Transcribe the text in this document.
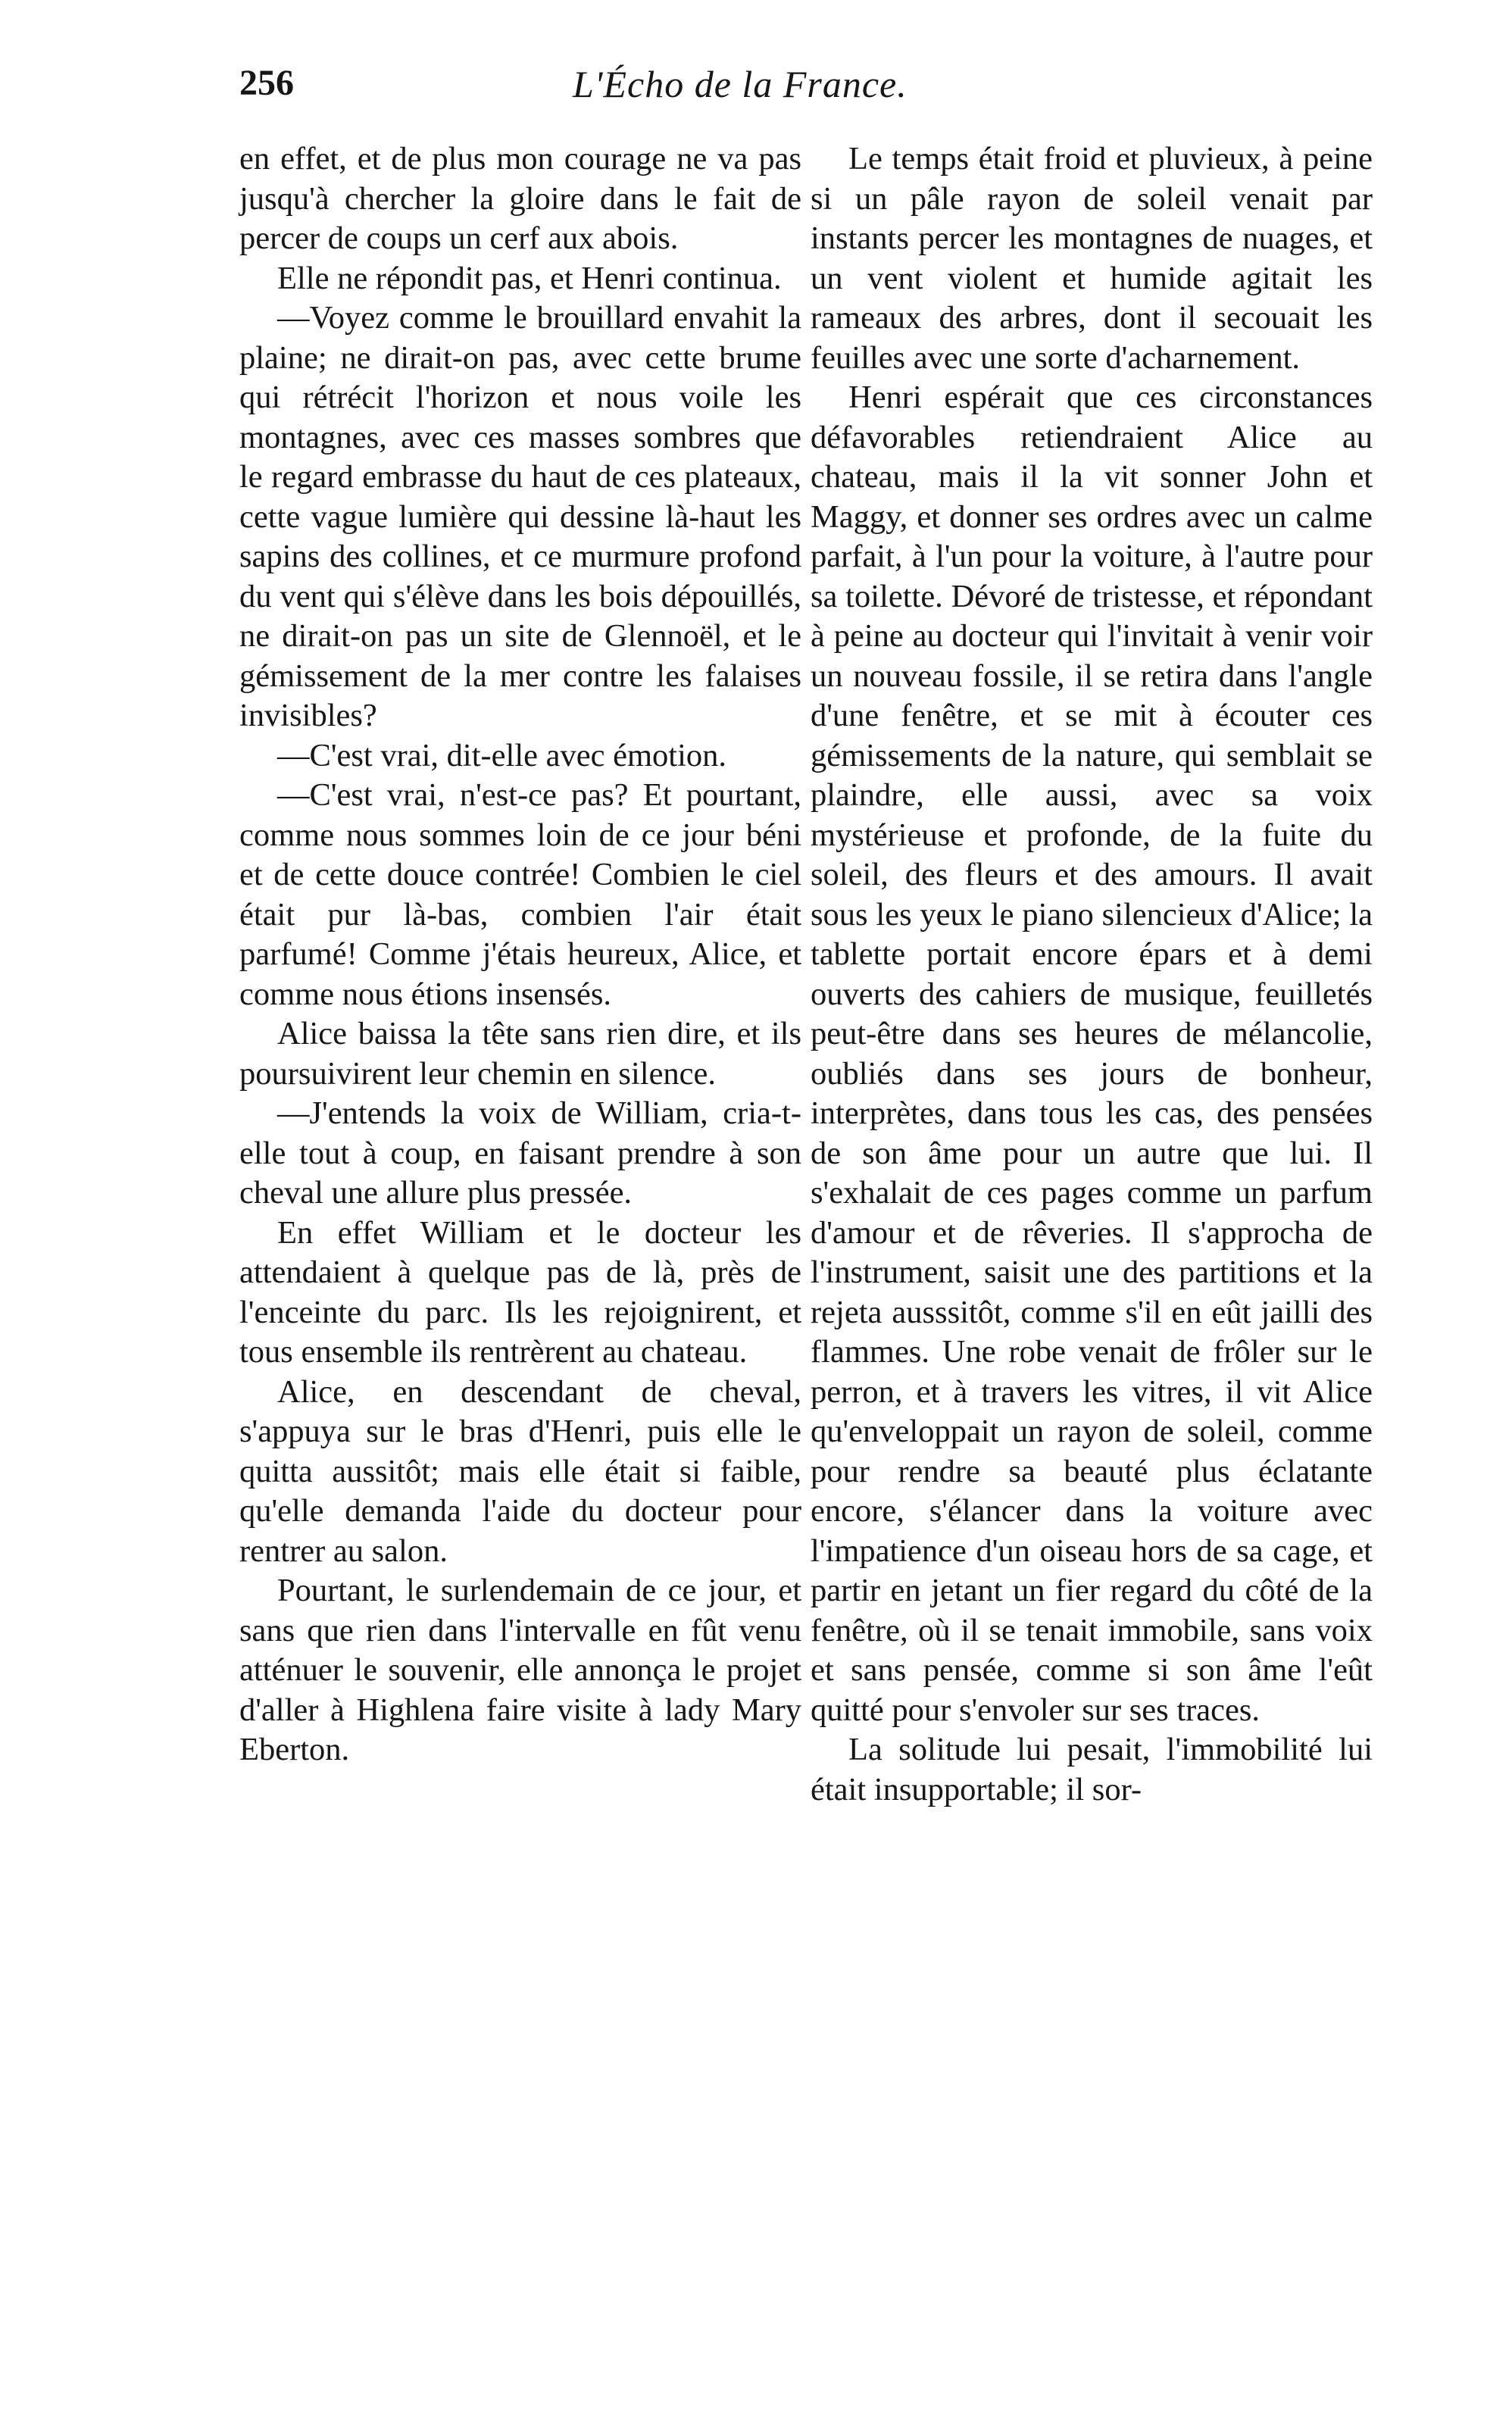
256	L'Écho de la France.

en effet, et de plus mon courage ne va pas jusqu'à chercher la gloire dans le fait de percer de coups un cerf aux abois.

Elle ne répondit pas, et Henri continua.

—Voyez comme le brouillard envahit la plaine; ne dirait-on pas, avec cette brume qui rétrécit l'horizon et nous voile les montagnes, avec ces masses sombres que le regard embrasse du haut de ces plateaux, cette vague lumière qui dessine là-haut les sapins des collines, et ce murmure profond du vent qui s'élève dans les bois dépouillés, ne dirait-on pas un site de Glennoël, et le gémissement de la mer contre les falaises invisibles?

—C'est vrai, dit-elle avec émotion.

—C'est vrai, n'est-ce pas? Et pourtant, comme nous sommes loin de ce jour béni et de cette douce contrée! Combien le ciel était pur là-bas, combien l'air était parfumé! Comme j'étais heureux, Alice, et comme nous étions insensés.

Alice baissa la tête sans rien dire, et ils poursuivirent leur chemin en silence.

—J'entends la voix de William, cria-t-elle tout à coup, en faisant prendre à son cheval une allure plus pressée.

En effet William et le docteur les attendaient à quelque pas de là, près de l'enceinte du parc. Ils les rejoignirent, et tous ensemble ils rentrèrent au chateau.

Alice, en descendant de cheval, s'appuya sur le bras d'Henri, puis elle le quitta aussitôt; mais elle était si faible, qu'elle demanda l'aide du docteur pour rentrer au salon.

Pourtant, le surlendemain de ce jour, et sans que rien dans l'intervalle en fût venu atténuer le souvenir, elle annonça le projet d'aller à Highlena faire visite à lady Mary Eberton.

Le temps était froid et pluvieux, à peine si un pâle rayon de soleil venait par instants percer les montagnes de nuages, et un vent violent et humide agitait les rameaux des arbres, dont il secouait les feuilles avec une sorte d'acharnement.

Henri espérait que ces circonstances défavorables retiendraient Alice au chateau, mais il la vit sonner John et Maggy, et donner ses ordres avec un calme parfait, à l'un pour la voiture, à l'autre pour sa toilette. Dévoré de tristesse, et répondant à peine au docteur qui l'invitait à venir voir un nouveau fossile, il se retira dans l'angle d'une fenêtre, et se mit à écouter ces gémissements de la nature, qui semblait se plaindre, elle aussi, avec sa voix mystérieuse et profonde, de la fuite du soleil, des fleurs et des amours. Il avait sous les yeux le piano silencieux d'Alice; la tablette portait encore épars et à demi ouverts des cahiers de musique, feuilletés peut-être dans ses heures de mélancolie, oubliés dans ses jours de bonheur, interprètes, dans tous les cas, des pensées de son âme pour un autre que lui. Il s'exhalait de ces pages comme un parfum d'amour et de rêveries. Il s'approcha de l'instrument, saisit une des partitions et la rejeta ausssitôt, comme s'il en eût jailli des flammes. Une robe venait de frôler sur le perron, et à travers les vitres, il vit Alice qu'enveloppait un rayon de soleil, comme pour rendre sa beauté plus éclatante encore, s'élancer dans la voiture avec l'impatience d'un oiseau hors de sa cage, et partir en jetant un fier regard du côté de la fenêtre, où il se tenait immobile, sans voix et sans pensée, comme si son âme l'eût quitté pour s'envoler sur ses traces.

La solitude lui pesait, l'immobilité lui était insupportable; il sor-
